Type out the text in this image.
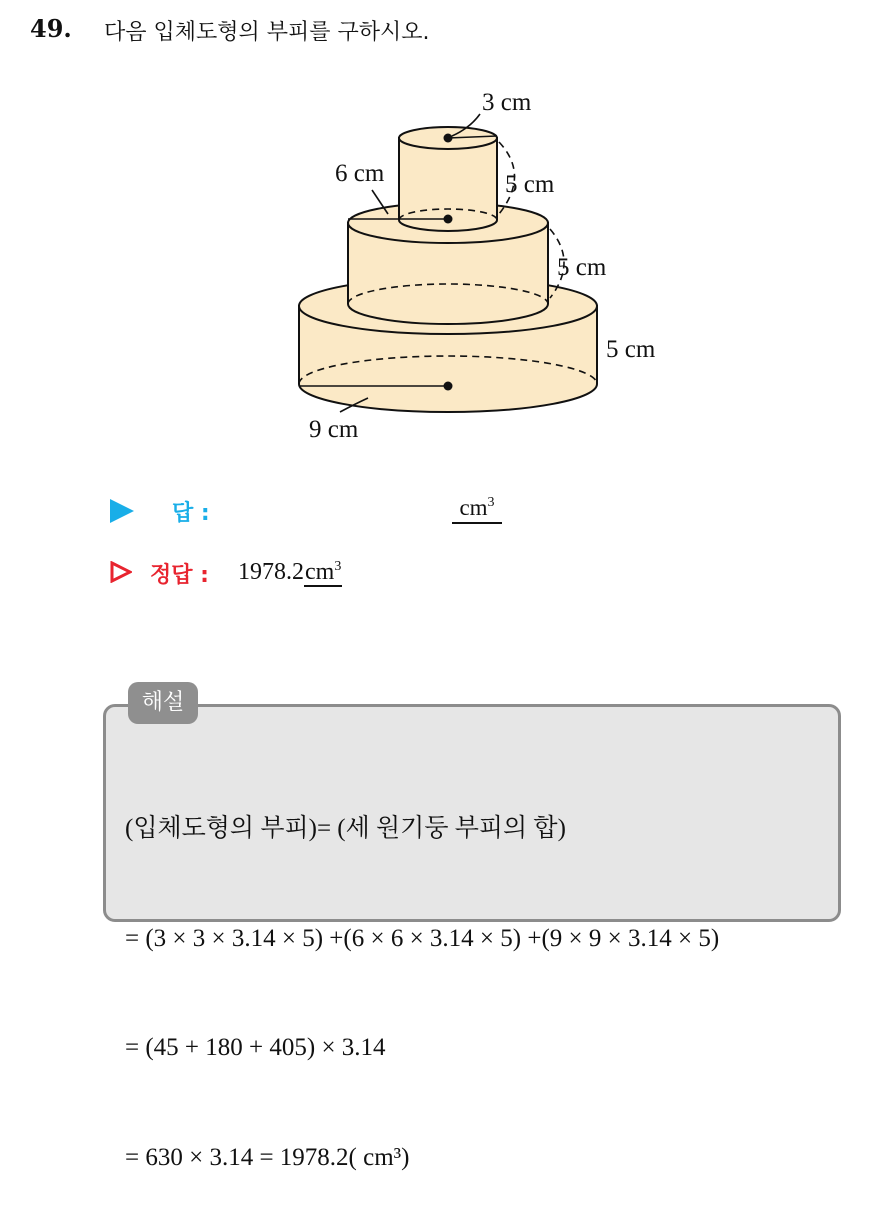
49. 다음 입체도형의 부피를 구하시오.
3 cm
6 cm
9 cm
5 cm
5 cm
5 cm
답 :	$cm^3$
정답 : $1978.2cm^3$
해설

(입체도형의 부피)= (세 원기둥 부피의 합)

= (3 × 3 × 3.14 × 5) +(6 × 6 × 3.14 × 5) +(9 × 9 × 3.14 × 5)

= (45 + 180 + 405) × 3.14

= 630 × 3.14 = 1978.2( cm³)
